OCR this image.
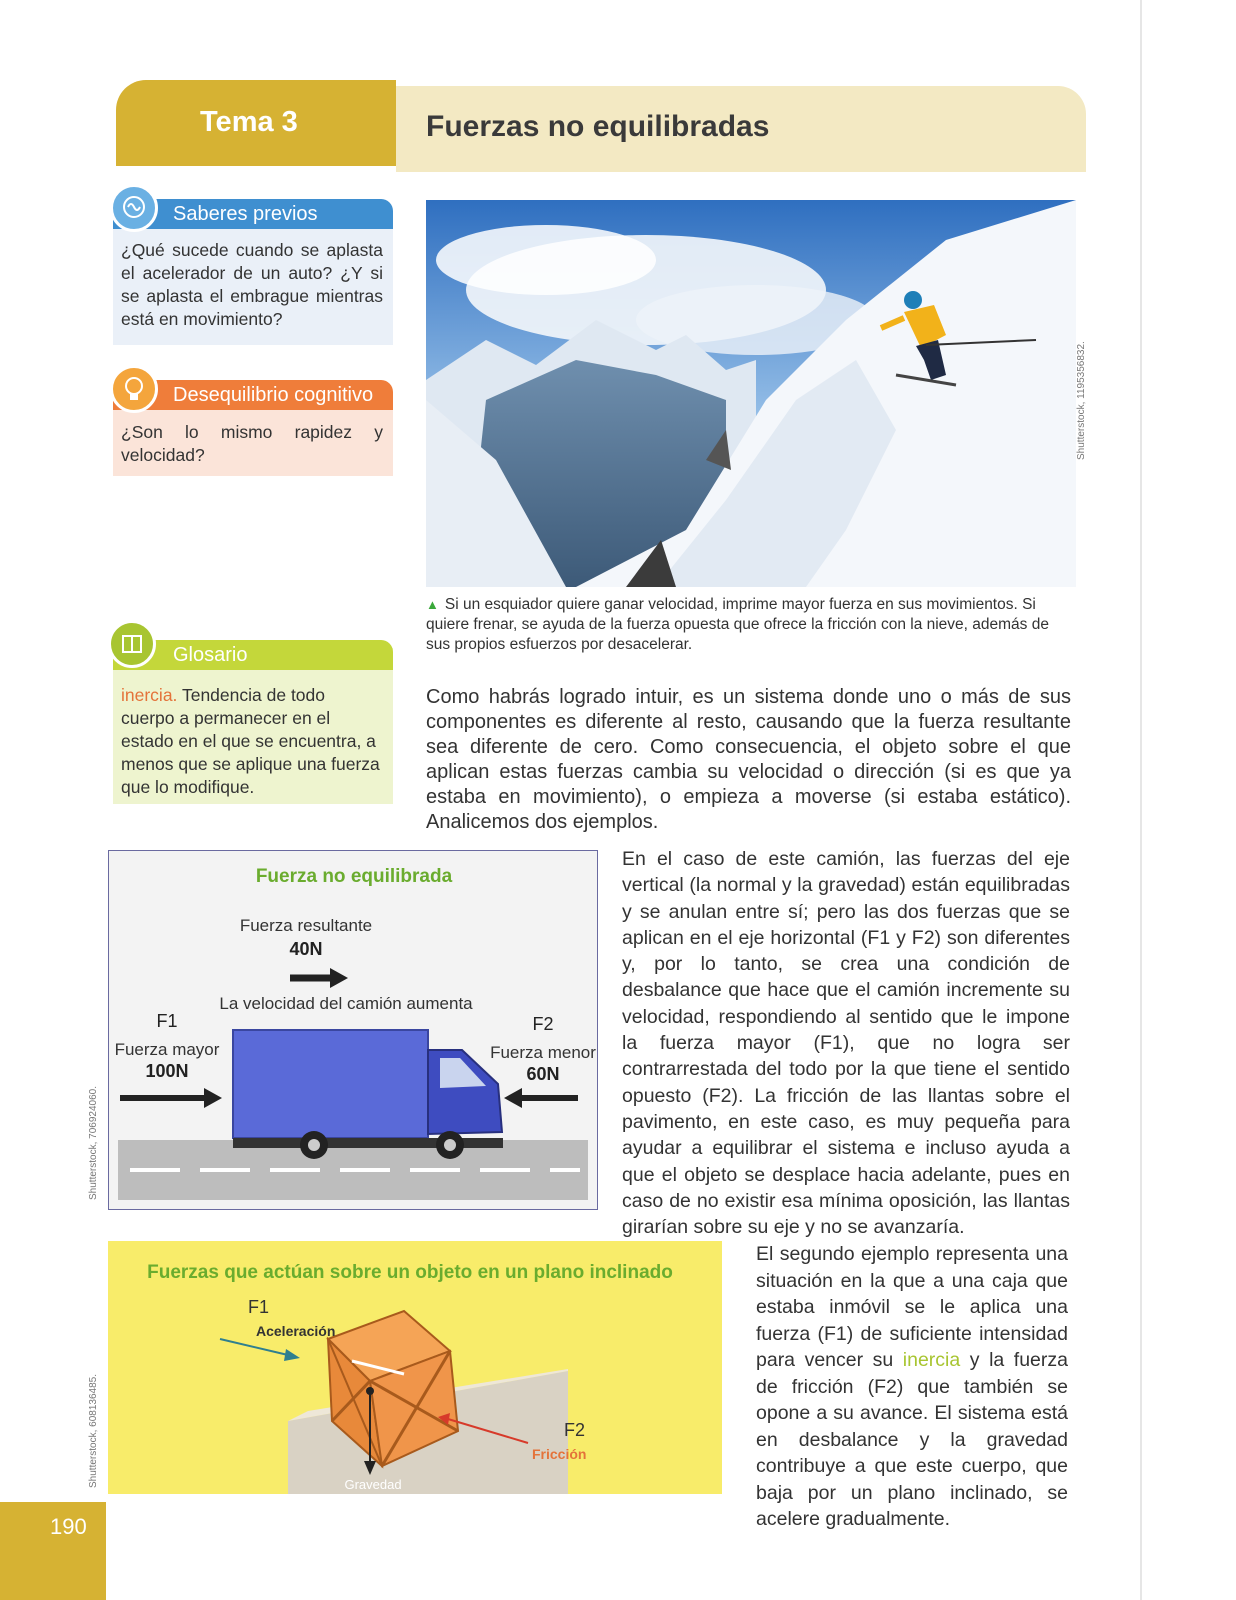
Tema 3	Fuerzas no equilibradas
Saberes previos
¿Qué sucede cuando se aplasta el acelerador de un auto? ¿Y si se aplasta el embrague mientras está en movimiento?
Desequilibrio cognitivo
¿Son lo mismo rapidez y velocidad?
Glosario
inercia. Tendencia de todo cuerpo a permanecer en el estado en el que se encuentra, a menos que se aplique una fuerza que lo modifique.
Shutterstock, 1195356832.
▲ Si un esquiador quiere ganar velocidad, imprime mayor fuerza en sus movimientos. Si quiere frenar, se ayuda de la fuerza opuesta que ofrece la fricción con la nieve, además de sus propios esfuerzos por desacelerar.
Como habrás logrado intuir, es un sistema donde uno o más de sus componentes es diferente al resto, causando que la fuerza resultante sea diferente de cero. Como consecuencia, el objeto sobre el que aplican estas fuerzas cambia su velocidad o dirección (si es que ya estaba en movimiento), o empieza a moverse (si estaba estático). Analicemos dos ejemplos.
Fuerza no equilibrada
Fuerza resultante
40N
La velocidad del camión aumenta
F1
Fuerza mayor
100N
F2
Fuerza menor
60N
Shutterstock, 706924060.
En el caso de este camión, las fuerzas del eje vertical (la normal y la gravedad) están equilibradas y se anulan entre sí; pero las dos fuerzas que se aplican en el eje horizontal (F1 y F2) son diferentes y, por lo tanto, se crea una condición de desbalance que hace que el camión incremente su velocidad, respondiendo al sentido que le impone la fuerza mayor (F1), que no logra ser contrarrestada del todo por la que tiene el sentido opuesto (F2). La fricción de las llantas sobre el pavimento, en este caso, es muy pequeña para ayudar a equilibrar el sistema e incluso ayuda a que el objeto se desplace hacia adelante, pues en caso de no existir esa mínima oposición, las llantas girarían sobre su eje y no se avanzaría.
Fuerzas que actúan sobre un objeto en un plano inclinado
F1
Aceleración
F2
Fricción
Gravedad
Shutterstock, 608136485.
El segundo ejemplo representa una situación en la que a una caja que estaba inmóvil se le aplica una fuerza (F1) de suficiente intensidad para vencer su inercia y la fuerza de fricción (F2) que también se opone a su avance. El sistema está en desbalance y la gravedad contribuye a que este cuerpo, que baja por un plano inclinado, se acelere gradualmente.
190
